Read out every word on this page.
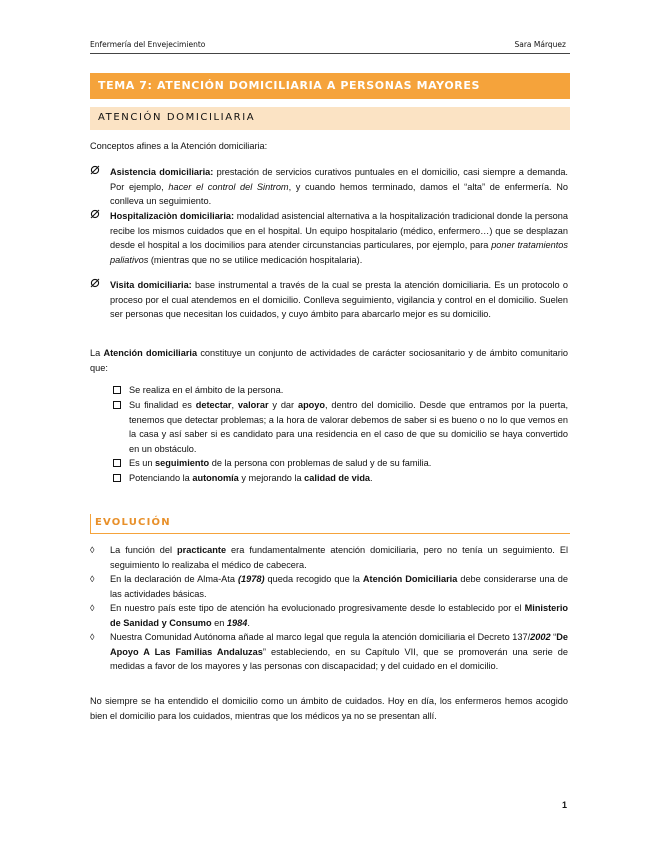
Enfermería del Envejecimiento	Sara Márquez
TEMA 7: ATENCIÓN DOMICILIARIA A PERSONAS MAYORES
ATENCIÓN DOMICILIARIA
Conceptos afines a la Atención domiciliaria:
Asistencia domiciliaria: prestación de servicios curativos puntuales en el domicilio, casi siempre a demanda. Por ejemplo, hacer el control del Sintrom, y cuando hemos terminado, damos el “alta” de enfermería. No conlleva un seguimiento.
Hospitalizaciòn domiciliaria: modalidad asistencial alternativa a la hospitalización tradicional donde la persona recibe los mismos cuidados que en el hospital. Un equipo hospitalario (médico, enfermero…) que se desplazan desde el hospital a los docimilios para atender circunstancias particulares, por ejemplo, para poner tratamientos paliativos (mientras que no se utilice medicación hospitalaria).
Visita domiciliaria: base instrumental a través de la cual se presta la atención domiciliaria. Es un protocolo o proceso por el cual atendemos en el domicilio. Conlleva seguimiento, vigilancia y control en el domicilio. Suelen ser personas que necesitan los cuidados, y cuyo ámbito para abarcarlo mejor es su domicilio.
La Atención domiciliaria constituye un conjunto de actividades de carácter sociosanitario y de ámbito comunitario que:
Se realiza en el ámbito de la persona.
Su finalidad es detectar, valorar y dar apoyo, dentro del domicilio. Desde que entramos por la puerta, tenemos que detectar problemas; a la hora de valorar debemos de saber si es bueno o no lo que vemos en la casa y así saber si es candidato para una residencia en el caso de que su domicilio se haya convertido en un obstáculo.
Es un seguimiento de la persona con problemas de salud y de su familia.
Potenciando la autonomía y mejorando la calidad de vida.
EVOLUCIÓN
◊	La función del practicante era fundamentalmente atención domiciliaria, pero no tenía un seguimiento. El seguimiento lo realizaba el médico de cabecera.
◊	En la declaración de Alma-Ata (1978) queda recogido que la Atención Domiciliaria debe considerarse una de las actividades básicas.
◊	En nuestro país este tipo de atención ha evolucionado progresivamente desde lo establecido por el Ministerio de Sanidad y Consumo en 1984.
◊	Nuestra Comunidad Autónoma añade al marco legal que regula la atención domiciliaria el Decreto 137/2002 “De Apoyo A Las Familias Andaluzas” estableciendo, en su Capítulo VII, que se promoverán una serie de medidas a favor de los mayores y las personas con discapacidad; y del cuidado en el domicilio.
No siempre se ha entendido el domicilio como un ámbito de cuidados. Hoy en día, los enfermeros hemos acogido bien el domicilio para los cuidados, mientras que los médicos ya no se presentan allí.
1
